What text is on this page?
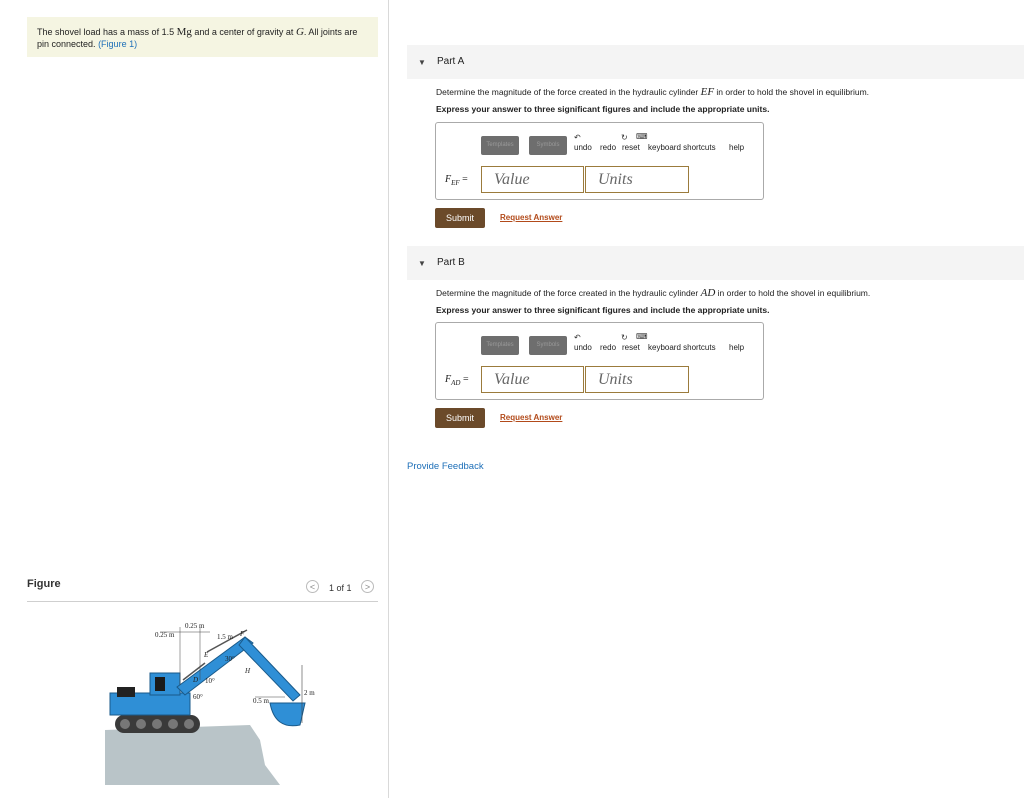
The shovel load has a mass of 1.5 Mg and a center of gravity at G. All joints are
pin connected. (Figure 1)
Figure	<	1 of 1	>
0.25 m
0.25 m
1.5 m F
E 30°
H
D 10°
60°	0.5 m
2 m
▼ Part A
Determine the magnitude of the force created in the hydraulic cylinder EF in order to hold the shovel in equilibrium.
Express your answer to three significant figures and include the appropriate units.
Templates	Symbols
↶	↻ ⌨
undo redo reset keyboard shortcuts help
$F_{EF}$ =	Value	Units
Submit	Request Answer
▼ Part B
Determine the magnitude of the force created in the hydraulic cylinder AD in order to hold the shovel in equilibrium.
Express your answer to three significant figures and include the appropriate units.
Templates	Symbols
↶	↻ ⌨
undo redo reset keyboard shortcuts help
$F_{AD}$ =	Value	Units
Submit	Request Answer
Provide Feedback
